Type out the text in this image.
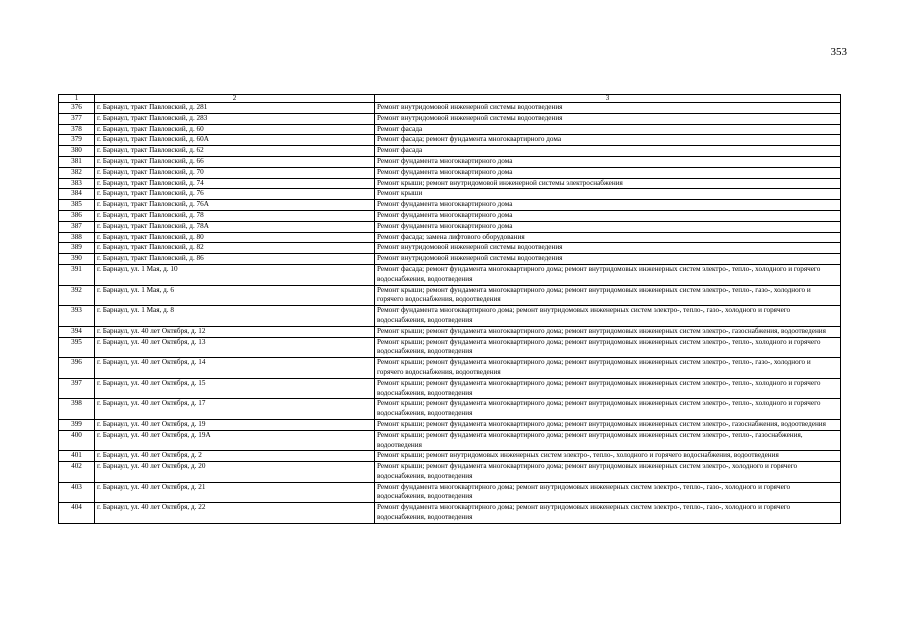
353
1	2	3
376	г. Барнаул, тракт Павловский, д. 281	Ремонт внутридомовой инженерной системы водоотведения
377	г. Барнаул, тракт Павловский, д. 283	Ремонт внутридомовой инженерной системы водоотведения
378	г. Барнаул, тракт Павловский, д. 60	Ремонт фасада
379	г. Барнаул, тракт Павловский, д. 60А	Ремонт фасада; ремонт фундамента многоквартирного дома
380	г. Барнаул, тракт Павловский, д. 62	Ремонт фасада
381	г. Барнаул, тракт Павловский, д. 66	Ремонт фундамента многоквартирного дома
382	г. Барнаул, тракт Павловский, д. 70	Ремонт фундамента многоквартирного дома
383	г. Барнаул, тракт Павловский, д. 74	Ремонт крыши; ремонт внутридомовой инженерной системы электроснабжения
384	г. Барнаул, тракт Павловский, д. 76	Ремонт крыши
385	г. Барнаул, тракт Павловский, д. 76А	Ремонт фундамента многоквартирного дома
386	г. Барнаул, тракт Павловский, д. 78	Ремонт фундамента многоквартирного дома
387	г. Барнаул, тракт Павловский, д. 78А	Ремонт фундамента многоквартирного дома
388	г. Барнаул, тракт Павловский, д. 80	Ремонт фасада; замена лифтового оборудования
389	г. Барнаул, тракт Павловский, д. 82	Ремонт внутридомовой инженерной системы водоотведения
390	г. Барнаул, тракт Павловский, д. 86	Ремонт внутридомовой инженерной системы водоотведения
391	г. Барнаул, ул. 1 Мая, д. 10	Ремонт фасада; ремонт фундамента многоквартирного дома; ремонт внутридомовых инженерных систем электро-, тепло-, холодного и горячего водоснабжения, водоотведения
392	г. Барнаул, ул. 1 Мая, д. 6	Ремонт крыши; ремонт фундамента многоквартирного дома; ремонт внутридомовых инженерных систем электро-, тепло-, газо-, холодного и горячего водоснабжения, водоотведения
393	г. Барнаул, ул. 1 Мая, д. 8	Ремонт фундамента многоквартирного дома; ремонт внутридомовых инженерных систем электро-, тепло-, газо-, холодного и горячего водоснабжения, водоотведения
394	г. Барнаул, ул. 40 лет Октября, д. 12	Ремонт крыши; ремонт фундамента многоквартирного дома; ремонт внутридомовых инженерных систем электро-, газоснабжения, водоотведения
395	г. Барнаул, ул. 40 лет Октября, д. 13	Ремонт крыши; ремонт фундамента многоквартирного дома; ремонт внутридомовых инженерных систем электро-, тепло-, холодного и горячего водоснабжения, водоотведения
396	г. Барнаул, ул. 40 лет Октября, д. 14	Ремонт крыши; ремонт фундамента многоквартирного дома; ремонт внутридомовых инженерных систем электро-, тепло-, газо-, холодного и горячего водоснабжения, водоотведения
397	г. Барнаул, ул. 40 лет Октября, д. 15	Ремонт крыши; ремонт фундамента многоквартирного дома; ремонт внутридомовых инженерных систем электро-, тепло-, холодного и горячего водоснабжения, водоотведения
398	г. Барнаул, ул. 40 лет Октября, д. 17	Ремонт крыши; ремонт фундамента многоквартирного дома; ремонт внутридомовых инженерных систем электро-, тепло-, холодного и горячего водоснабжения, водоотведения
399	г. Барнаул, ул. 40 лет Октября, д. 19	Ремонт крыши; ремонт фундамента многоквартирного дома; ремонт внутридомовых инженерных систем электро-, газоснабжения, водоотведения
400	г. Барнаул, ул. 40 лет Октября, д. 19А	Ремонт крыши; ремонт фундамента многоквартирного дома; ремонт внутридомовых инженерных систем электро-, тепло-, газоснабжения, водоотведения
401	г. Барнаул, ул. 40 лет Октября, д. 2	Ремонт крыши; ремонт внутридомовых инженерных систем электро-, тепло-, холодного и горячего водоснабжения, водоотведения
402	г. Барнаул, ул. 40 лет Октября, д. 20	Ремонт крыши; ремонт фундамента многоквартирного дома; ремонт внутридомовых инженерных систем электро-, холодного и горячего водоснабжения, водоотведения
403	г. Барнаул, ул. 40 лет Октября, д. 21	Ремонт фундамента многоквартирного дома; ремонт внутридомовых инженерных систем электро-, тепло-, газо-, холодного и горячего водоснабжения, водоотведения
404	г. Барнаул, ул. 40 лет Октября, д. 22	Ремонт фундамента многоквартирного дома; ремонт внутридомовых инженерных систем электро-, тепло-, газо-, холодного и горячего водоснабжения, водоотведения
